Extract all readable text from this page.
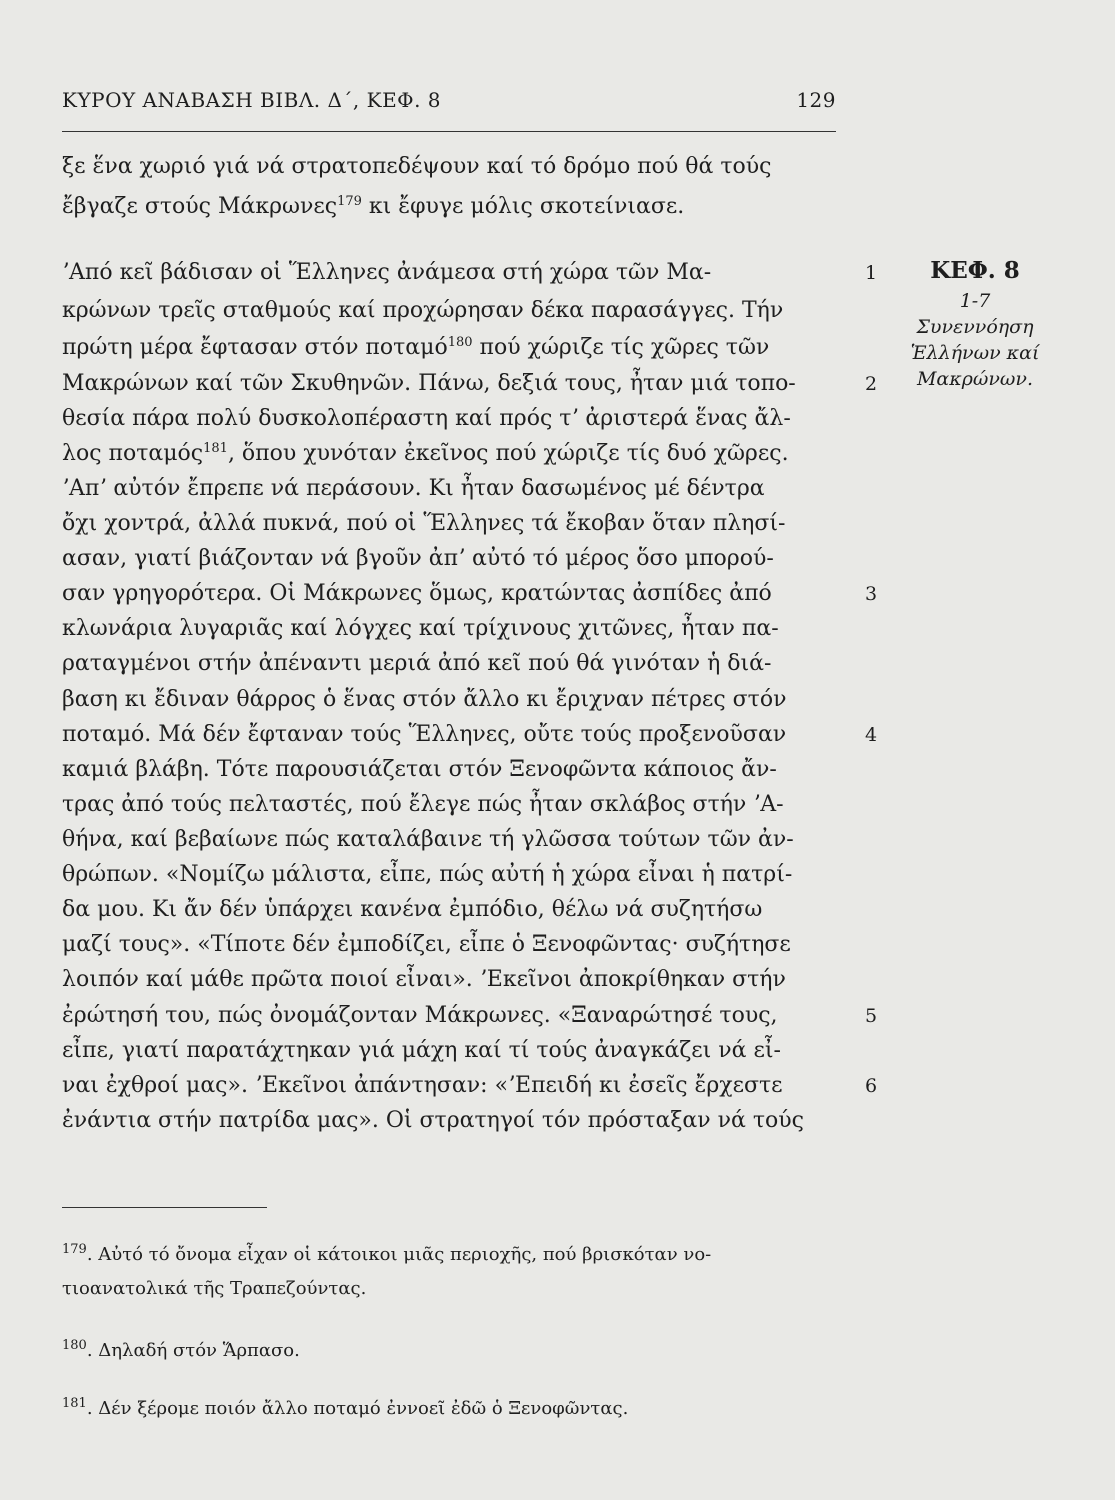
ΚΥΡΟΥ ΑΝΑΒΑΣΗ ΒΙΒΛ. Δ΄, ΚΕΦ. 8	129
ξε ἕνα χωριό γιά νά στρατοπεδέψουν καί τό δρόμο πού θά τούς
ἔβγαζε στούς Μάκρωνες$^{179}$ κι ἔφυγε μόλις σκοτείνιασε.
ʼΑπό κεῖ βάδισαν οἱ Ἕλληνες ἀνάμεσα στή χώρα τῶν Μα-
κρώνων τρεῖς σταθμούς καί προχώρησαν δέκα παρασάγγες. Τήν
πρώτη μέρα ἔφτασαν στόν ποταμό$^{180}$ πού χώριζε τίς χῶρες τῶν
Μακρώνων καί τῶν Σκυθηνῶν. Πάνω, δεξιά τους, ἦταν μιά τοπο-
θεσία πάρα πολύ δυσκολοπέραστη καί πρός τʼ ἀριστερά ἕνας ἄλ-
λος ποταμός$^{181}$, ὅπου χυνόταν ἐκεῖνος πού χώριζε τίς δυό χῶρες.
ʼΑπʼ αὐτόν ἔπρεπε νά περάσουν. Κι ἦταν δασωμένος μέ δέντρα
ὄχι χοντρά, ἀλλά πυκνά, πού οἱ Ἕλληνες τά ἔκοβαν ὅταν πλησί-
ασαν, γιατί βιάζονταν νά βγοῦν ἀπʼ αὐτό τό μέρος ὅσο μπορού-
σαν γρηγορότερα. Οἱ Μάκρωνες ὅμως, κρατώντας ἀσπίδες ἀπό
κλωνάρια λυγαριᾶς καί λόγχες καί τρίχινους χιτῶνες, ἦταν πα-
ραταγμένοι στήν ἀπέναντι μεριά ἀπό κεῖ πού θά γινόταν ἡ διά-
βαση κι ἔδιναν θάρρος ὁ ἕνας στόν ἄλλο κι ἔριχναν πέτρες στόν
ποταμό. Μά δέν ἔφταναν τούς Ἕλληνες, οὔτε τούς προξενοῦσαν
καμιά βλάβη. Τότε παρουσιάζεται στόν Ξενοφῶντα κάποιος ἄν-
τρας ἀπό τούς πελταστές, πού ἔλεγε πώς ἦταν σκλάβος στήν ʼΑ-
θήνα, καί βεβαίωνε πώς καταλάβαινε τή γλῶσσα τούτων τῶν ἀν-
θρώπων. «Νομίζω μάλιστα, εἶπε, πώς αὐτή ἡ χώρα εἶναι ἡ πατρί-
δα μου. Κι ἄν δέν ὑπάρχει κανένα ἐμπόδιο, θέλω νά συζητήσω
μαζί τους». «Τίποτε δέν ἐμποδίζει, εἶπε ὁ Ξενοφῶντας· συζήτησε
λοιπόν καί μάθε πρῶτα ποιοί εἶναι». ʼΕκεῖνοι ἀποκρίθηκαν στήν
ἐρώτησή του, πώς ὀνομάζονταν Μάκρωνες. «Ξαναρώτησέ τους,
εἶπε, γιατί παρατάχτηκαν γιά μάχη καί τί τούς ἀναγκάζει νά εἶ-
ναι ἐχθροί μας». ʼΕκεῖνοι ἀπάντησαν: «ʼΕπειδή κι ἐσεῖς ἔρχεστε
ἐνάντια στήν πατρίδα μας». Οἱ στρατηγοί τόν πρόσταξαν νά τούς
1
2
3
4
5
6
ΚΕΦ. 8
1-7
Συνεννόηση
Ἑλλήνων καί
Μακρώνων.
$^{179}$. Αὐτό τό ὄνομα εἶχαν οἱ κάτοικοι μιᾶς περιοχῆς, πού βρισκόταν νο-
τιοανατολικά τῆς Τραπεζούντας.
$^{180}$. Δηλαδή στόν Ἅρπασο.
$^{181}$. Δέν ξέρομε ποιόν ἄλλο ποταμό ἐννοεῖ ἐδῶ ὁ Ξενοφῶντας.
